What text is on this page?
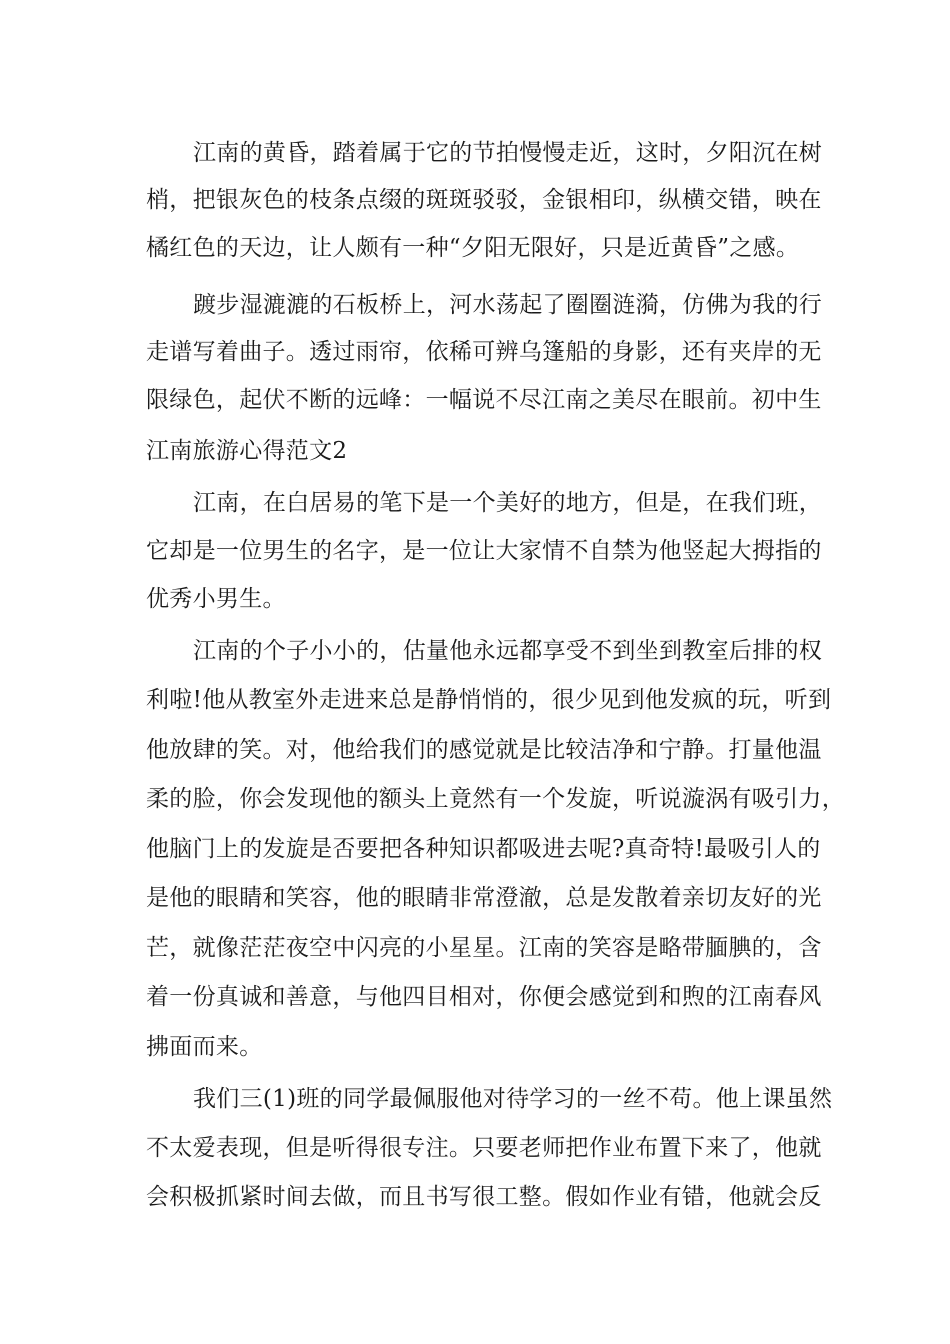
江南的黄昏，踏着属于它的节拍慢慢走近，这时，夕阳沉在树
梢，把银灰色的枝条点缀的斑斑驳驳，金银相印，纵横交错，映在
橘红色的天边，让人颇有一种“夕阳无限好，只是近黄昏”之感。
踱步湿漉漉的石板桥上，河水荡起了圈圈涟漪，仿佛为我的行
走谱写着曲子。透过雨帘，依稀可辨乌篷船的身影，还有夹岸的无
限绿色，起伏不断的远峰：一幅说不尽江南之美尽在眼前。初中生
江南旅游心得范文2
江南，在白居易的笔下是一个美好的地方，但是，在我们班，
它却是一位男生的名字，是一位让大家情不自禁为他竖起大拇指的
优秀小男生。
江南的个子小小的，估量他永远都享受不到坐到教室后排的权
利啦!他从教室外走进来总是静悄悄的，很少见到他发疯的玩，听到
他放肆的笑。对，他给我们的感觉就是比较洁净和宁静。打量他温
柔的脸，你会发现他的额头上竟然有一个发旋，听说漩涡有吸引力，
他脑门上的发旋是否要把各种知识都吸进去呢?真奇特!最吸引人的
是他的眼睛和笑容，他的眼睛非常澄澈，总是发散着亲切友好的光
芒，就像茫茫夜空中闪亮的小星星。江南的笑容是略带腼腆的，含
着一份真诚和善意，与他四目相对，你便会感觉到和煦的江南春风
拂面而来。
我们三(1)班的同学最佩服他对待学习的一丝不苟。他上课虽然
不太爱表现，但是听得很专注。只要老师把作业布置下来了，他就
会积极抓紧时间去做，而且书写很工整。假如作业有错，他就会反
